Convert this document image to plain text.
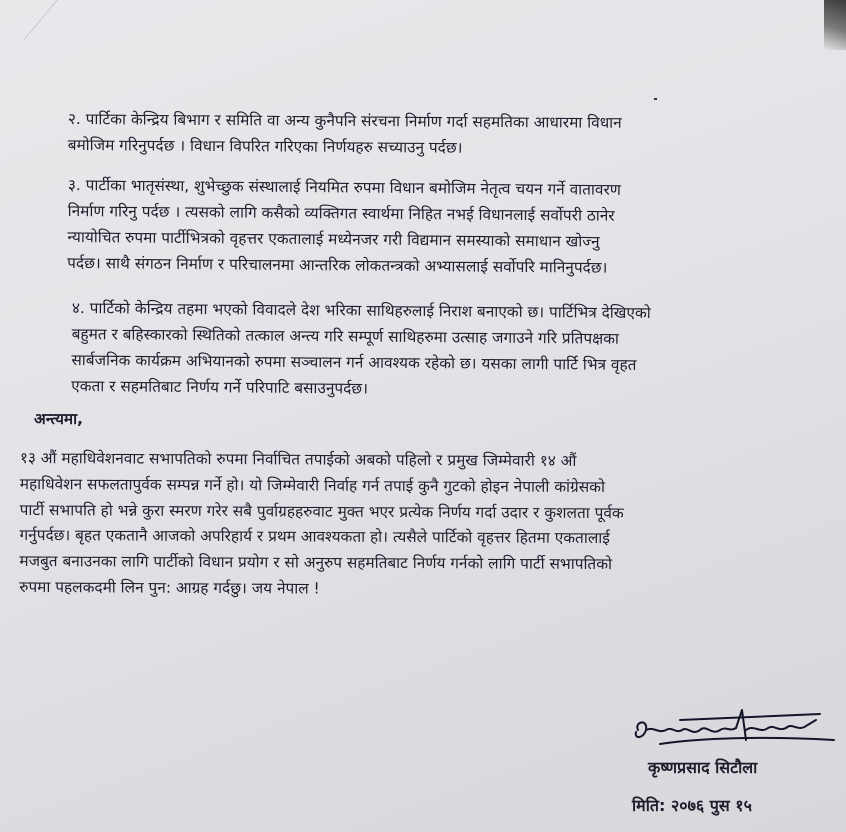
२. पार्टिका केन्द्रिय बिभाग र समिति वा अन्य कुनैपनि संरचना निर्माण गर्दा सहमतिका आधारमा विधान

बमोजिम गरिनुपर्दछ । विधान विपरित गरिएका निर्णयहरु सच्याउनु पर्दछ।

३. पार्टीका भातृसंस्था, शुभेच्छुक संस्थालाई नियमित रुपमा विधान बमोजिम नेतृत्व चयन गर्ने वातावरण

निर्माण गरिनु पर्दछ । त्यसको लागि कसैको व्यक्तिगत स्वार्थमा निहित नभई विधानलाई सर्वोपरी ठानेर

न्यायोचित रुपमा पार्टीभित्रको वृहत्तर एकतालाई मध्येनजर गरी विद्यमान समस्याको समाधान खोज्नु

पर्दछ। साथै संगठन निर्माण र परिचालनमा आन्तरिक लोकतन्त्रको अभ्यासलाई सर्वोपरि मानिनुपर्दछ।

४. पार्टिको केन्द्रिय तहमा भएको विवादले देश भरिका साथिहरुलाई निराश बनाएको छ। पार्टिभित्र देखिएको

बहुमत र बहिस्कारको स्थितिको तत्काल अन्त्य गरि सम्पूर्ण साथिहरुमा उत्साह जगाउने गरि प्रतिपक्षका

सार्बजनिक कार्यक्रम अभियानको रुपमा सञ्चालन गर्न आवश्यक रहेको छ। यसका लागी पार्टि भित्र वृहत

एकता र सहमतिबाट निर्णय गर्ने परिपाटि बसाउनुपर्दछ।

अन्त्यमा,

१३ औं महाधिवेशनवाट सभापतिको रुपमा निर्वाचित तपाईको अबको पहिलो र प्रमुख जिम्मेवारी १४ औं

महाधिवेशन सफलतापुर्वक सम्पन्न गर्ने हो। यो जिम्मेवारी निर्वाह गर्न तपाई कुनै गुटको होइन नेपाली कांग्रेसको

पार्टी सभापति हो भन्ने कुरा स्मरण गरेर सबै पुर्वाग्रहहरुवाट मुक्त भएर प्रत्येक निर्णय गर्दा उदार र कुशलता पूर्वक

गर्नुपर्दछ। बृहत एकतानै आजको अपरिहार्य र प्रथम आवश्यकता हो। त्यसैले पार्टिको वृहत्तर हितमा एकतालाई

मजबुत बनाउनका लागि पार्टीको विधान प्रयोग र सो अनुरुप सहमतिबाट निर्णय गर्नको लागि पार्टी सभापतिको

रुपमा पहलकदमी लिन पुन: आग्रह गर्दछु। जय नेपाल !

कृष्णप्रसाद सिटौला

मिति: २०७६ पुस १५
